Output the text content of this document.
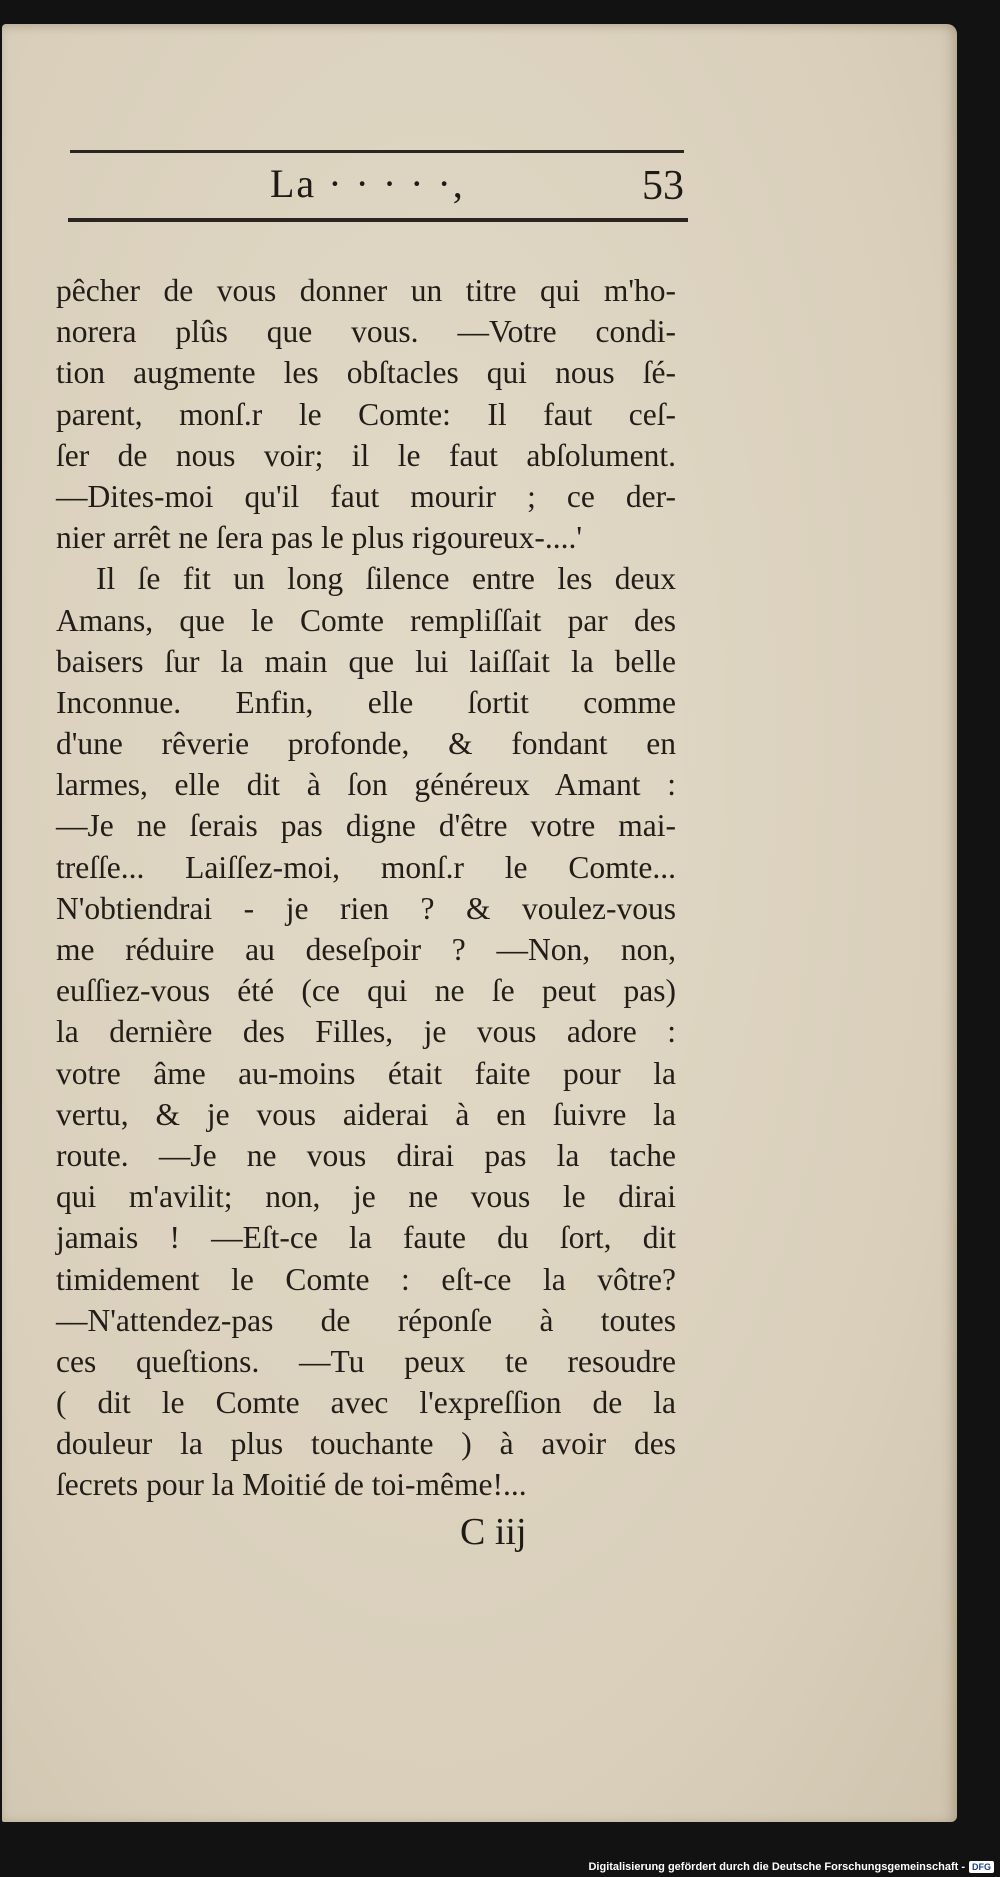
La · · · · ·,	53
pêcher de vous donner un titre qui m'ho-
norera plûs que vous. —Votre condi-
tion augmente les obſtacles qui nous ſé-
parent, monſ.r le Comte: Il faut ceſ-
ſer de nous voir; il le faut abſolument.
—Dites-moi qu'il faut mourir ; ce der-
nier arrêt ne ſera pas le plus rigoureux-....'
Il ſe fit un long ſilence entre les deux
Amans, que le Comte rempliſſait par des
baisers ſur la main que lui laiſſait la belle
Inconnue. Enfin, elle ſortit comme
d'une rêverie profonde, & fondant en
larmes, elle dit à ſon généreux Amant :
—Je ne ſerais pas digne d'être votre mai-
treſſe... Laiſſez-moi, monſ.r le Comte...
N'obtiendrai - je rien ? & voulez-vous
me réduire au deseſpoir ? —Non, non,
euſſiez-vous été (ce qui ne ſe peut pas)
la dernière des Filles, je vous adore :
votre âme au-moins était faite pour la
vertu, & je vous aiderai à en ſuivre la
route. —Je ne vous dirai pas la tache
qui m'avilit; non, je ne vous le dirai
jamais ! —Eſt-ce la faute du ſort, dit
timidement le Comte : eſt-ce la vôtre?
—N'attendez-pas de réponſe à toutes
ces queſtions. —Tu peux te resoudre
( dit le Comte avec l'expreſſion de la
douleur la plus touchante ) à avoir des
ſecrets pour la Moitié de toi-même!...
C iij
Digitalisierung gefördert durch die Deutsche Forschungsgemeinschaft - DFG
